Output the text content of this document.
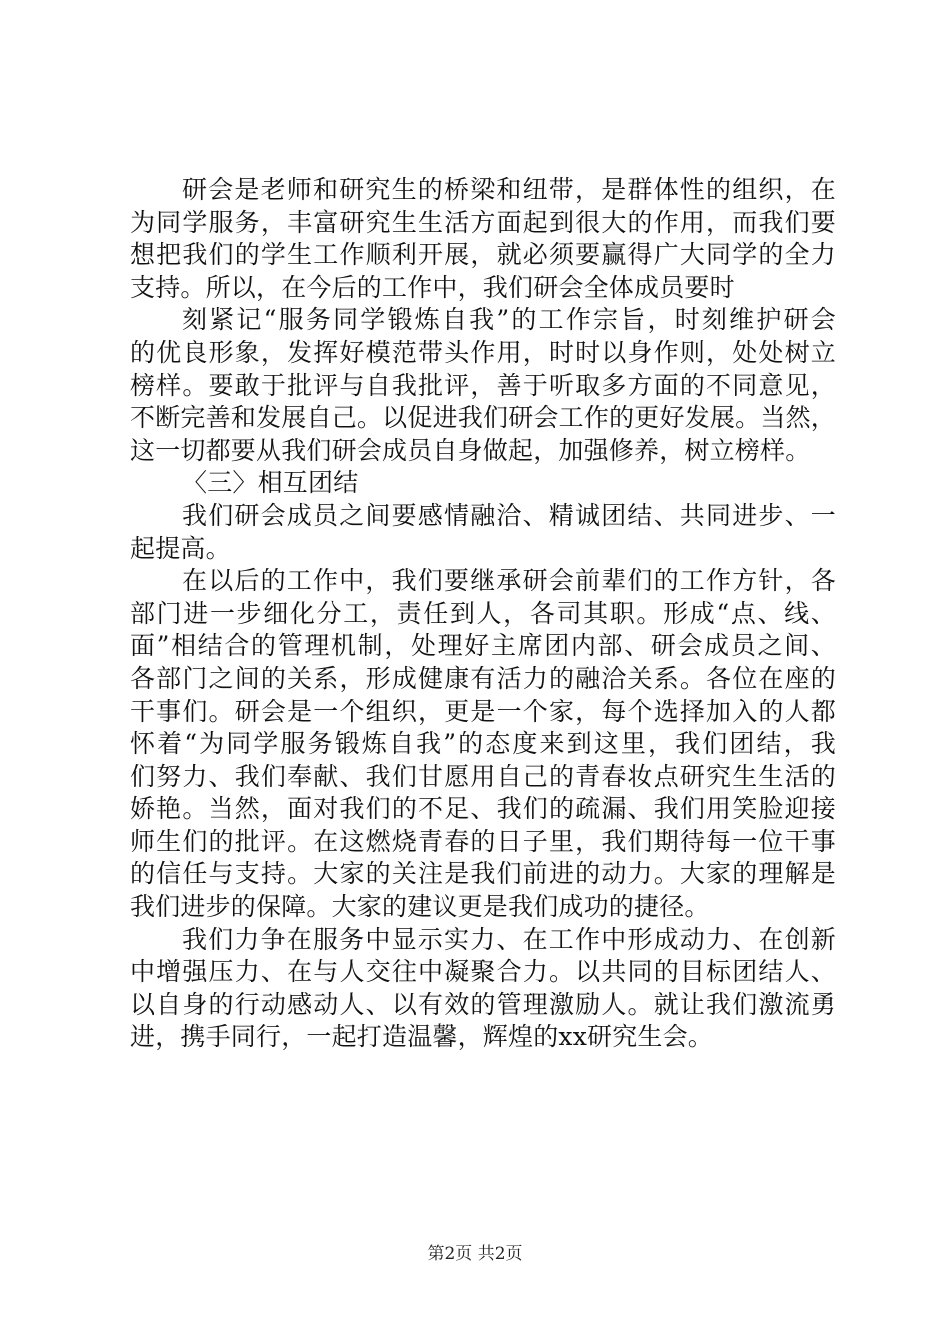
研会是老师和研究生的桥梁和纽带，是群体性的组织，在
为同学服务，丰富研究生生活方面起到很大的作用，而我们要
想把我们的学生工作顺利开展，就必须要赢得广大同学的全力
支持。所以，在今后的工作中，我们研会全体成员要时
刻紧记“服务同学锻炼自我”的工作宗旨，时刻维护研会
的优良形象，发挥好模范带头作用，时时以身作则，处处树立
榜样。要敢于批评与自我批评，善于听取多方面的不同意见，
不断完善和发展自己。以促进我们研会工作的更好发展。当然，
这一切都要从我们研会成员自身做起，加强修养，树立榜样。
〈三〉相互团结
我们研会成员之间要感情融洽、精诚团结、共同进步、一
起提高。
在以后的工作中，我们要继承研会前辈们的工作方针，各
部门进一步细化分工，责任到人，各司其职。形成“点、线、
面”相结合的管理机制，处理好主席团内部、研会成员之间、
各部门之间的关系，形成健康有活力的融洽关系。各位在座的
干事们。研会是一个组织，更是一个家，每个选择加入的人都
怀着“为同学服务锻炼自我”的态度来到这里，我们团结，我
们努力、我们奉献、我们甘愿用自己的青春妆点研究生生活的
娇艳。当然，面对我们的不足、我们的疏漏、我们用笑脸迎接
师生们的批评。在这燃烧青春的日子里，我们期待每一位干事
的信任与支持。大家的关注是我们前进的动力。大家的理解是
我们进步的保障。大家的建议更是我们成功的捷径。
我们力争在服务中显示实力、在工作中形成动力、在创新
中增强压力、在与人交往中凝聚合力。以共同的目标团结人、
以自身的行动感动人、以有效的管理激励人。就让我们激流勇
进，携手同行，一起打造温馨，辉煌的xx研究生会。
第2页 共2页
